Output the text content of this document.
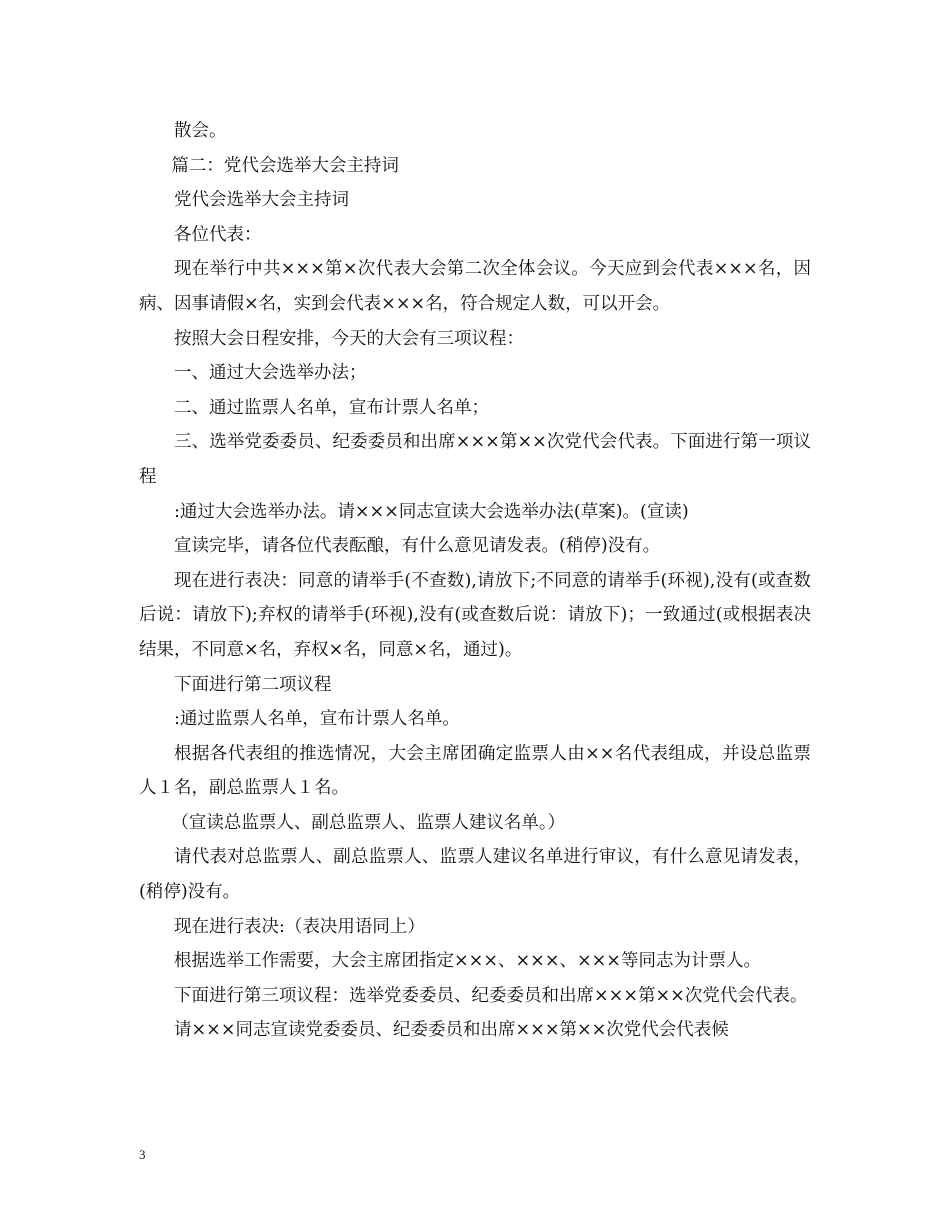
散会。

篇二：党代会选举大会主持词

党代会选举大会主持词

各位代表：

现在举行中共×××第×次代表大会第二次全体会议。今天应到会代表×××名，因病、因事请假×名，实到会代表×××名，符合规定人数，可以开会。

按照大会日程安排，今天的大会有三项议程：

一、通过大会选举办法；

二、通过监票人名单，宣布计票人名单；

三、选举党委委员、纪委委员和出席×××第××次党代会代表。下面进行第一项议程

:通过大会选举办法。请×××同志宣读大会选举办法(草案)。(宣读)

宣读完毕，请各位代表酝酿，有什么意见请发表。(稍停)没有。

现在进行表决：同意的请举手(不查数),请放下;不同意的请举手(环视),没有(或查数后说：请放下);弃权的请举手(环视),没有(或查数后说：请放下)；一致通过(或根据表决结果，不同意×名，弃权×名，同意×名，通过)。

下面进行第二项议程

:通过监票人名单，宣布计票人名单。

根据各代表组的推选情况，大会主席团确定监票人由××名代表组成，并设总监票人１名，副总监票人１名。

（宣读总监票人、副总监票人、监票人建议名单。）

请代表对总监票人、副总监票人、监票人建议名单进行审议，有什么意见请发表，(稍停)没有。

现在进行表决:（表决用语同上）

根据选举工作需要，大会主席团指定×××、×××、×××等同志为计票人。

下面进行第三项议程：选举党委委员、纪委委员和出席×××第××次党代会代表。

请×××同志宣读党委委员、纪委委员和出席×××第××次党代会代表候

3
